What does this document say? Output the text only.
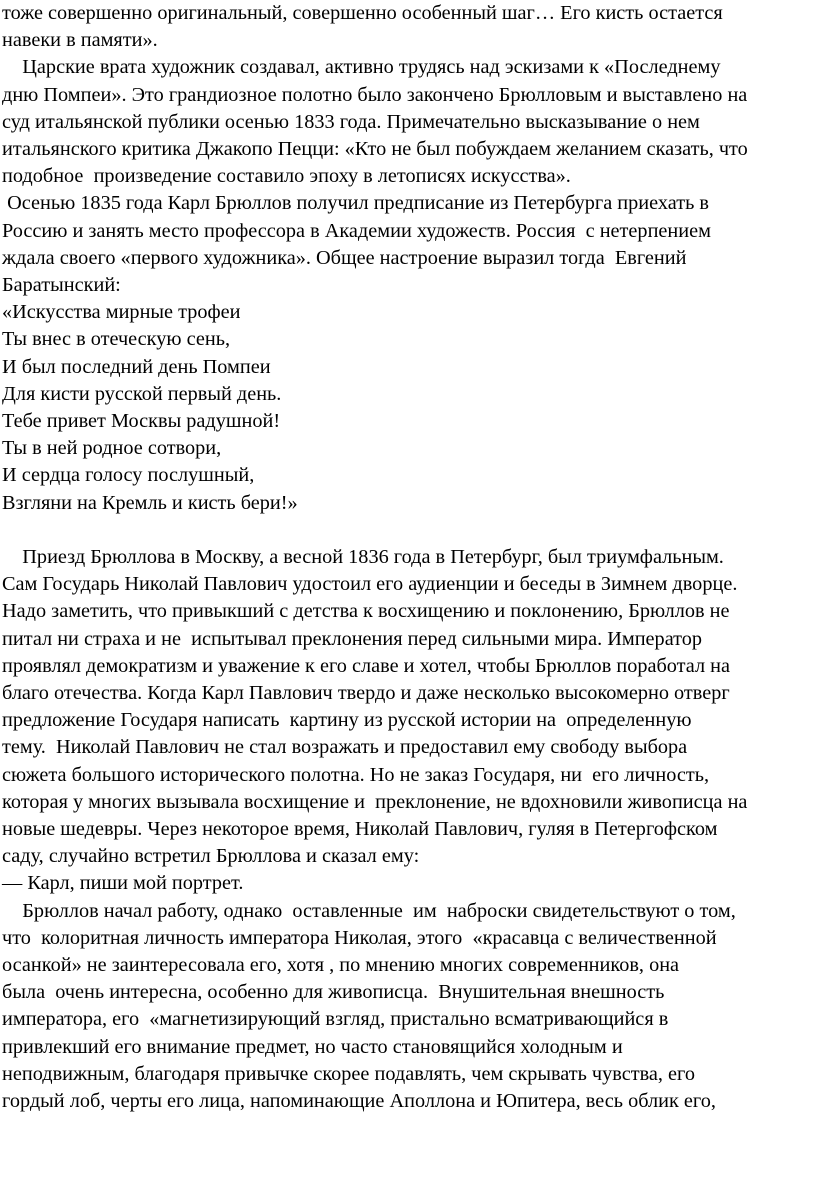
тоже совершенно оригинальный, совершенно особенный шаг… Его кисть остается
навеки в памяти».
Царские врата художник создавал, активно трудясь над эскизами к «Последнему
дню Помпеи». Это грандиозное полотно было закончено Брюлловым и выставлено на
суд итальянской публики осенью 1833 года. Примечательно высказывание о нем
итальянского критика Джакопо Пецци: «Кто не был побуждаем желанием сказать, что
подобное  произведение составило эпоху в летописях искусства».
Осенью 1835 года Карл Брюллов получил предписание из Петербурга приехать в
Россию и занять место профессора в Академии художеств. Россия  с нетерпением
ждала своего «первого художника». Общее настроение выразил тогда  Евгений
Баратынский:
«Искусства мирные трофеи
Ты внес в отеческую сень,
И был последний день Помпеи
Для кисти русской первый день.
Тебе привет Москвы радушной!
Ты в ней родное сотвори,
И сердца голосу послушный,
Взгляни на Кремль и кисть бери!»
Приезд Брюллова в Москву, а весной 1836 года в Петербург, был триумфальным.
Сам Государь Николай Павлович удостоил его аудиенции и беседы в Зимнем дворце.
Надо заметить, что привыкший с детства к восхищению и поклонению, Брюллов не
питал ни страха и не  испытывал преклонения перед сильными мира. Император
проявлял демократизм и уважение к его славе и хотел, чтобы Брюллов поработал на
благо отечества. Когда Карл Павлович твердо и даже несколько высокомерно отверг
предложение Государя написать  картину из русской истории на  определенную
тему.  Николай Павлович не стал возражать и предоставил ему свободу выбора
сюжета большого исторического полотна. Но не заказ Государя, ни  его личность,
которая у многих вызывала восхищение и  преклонение, не вдохновили живописца на
новые шедевры. Через некоторое время, Николай Павлович, гуляя в Петергофском
саду, случайно встретил Брюллова и сказал ему:
— Карл, пиши мой портрет.
Брюллов начал работу, однако  оставленные  им  наброски свидетельствуют о том,
что  колоритная личность императора Николая, этого  «красавца с величественной
осанкой» не заинтересовала его, хотя , по мнению многих современников, она
была  очень интересна, особенно для живописца.  Внушительная внешность
императора, его  «магнетизирующий взгляд, пристально всматривающийся в
привлекший его внимание предмет, но часто становящийся холодным и
неподвижным, благодаря привычке скорее подавлять, чем скрывать чувства, его
гордый лоб, черты его лица, напоминающие Аполлона и Юпитера, весь облик его,
